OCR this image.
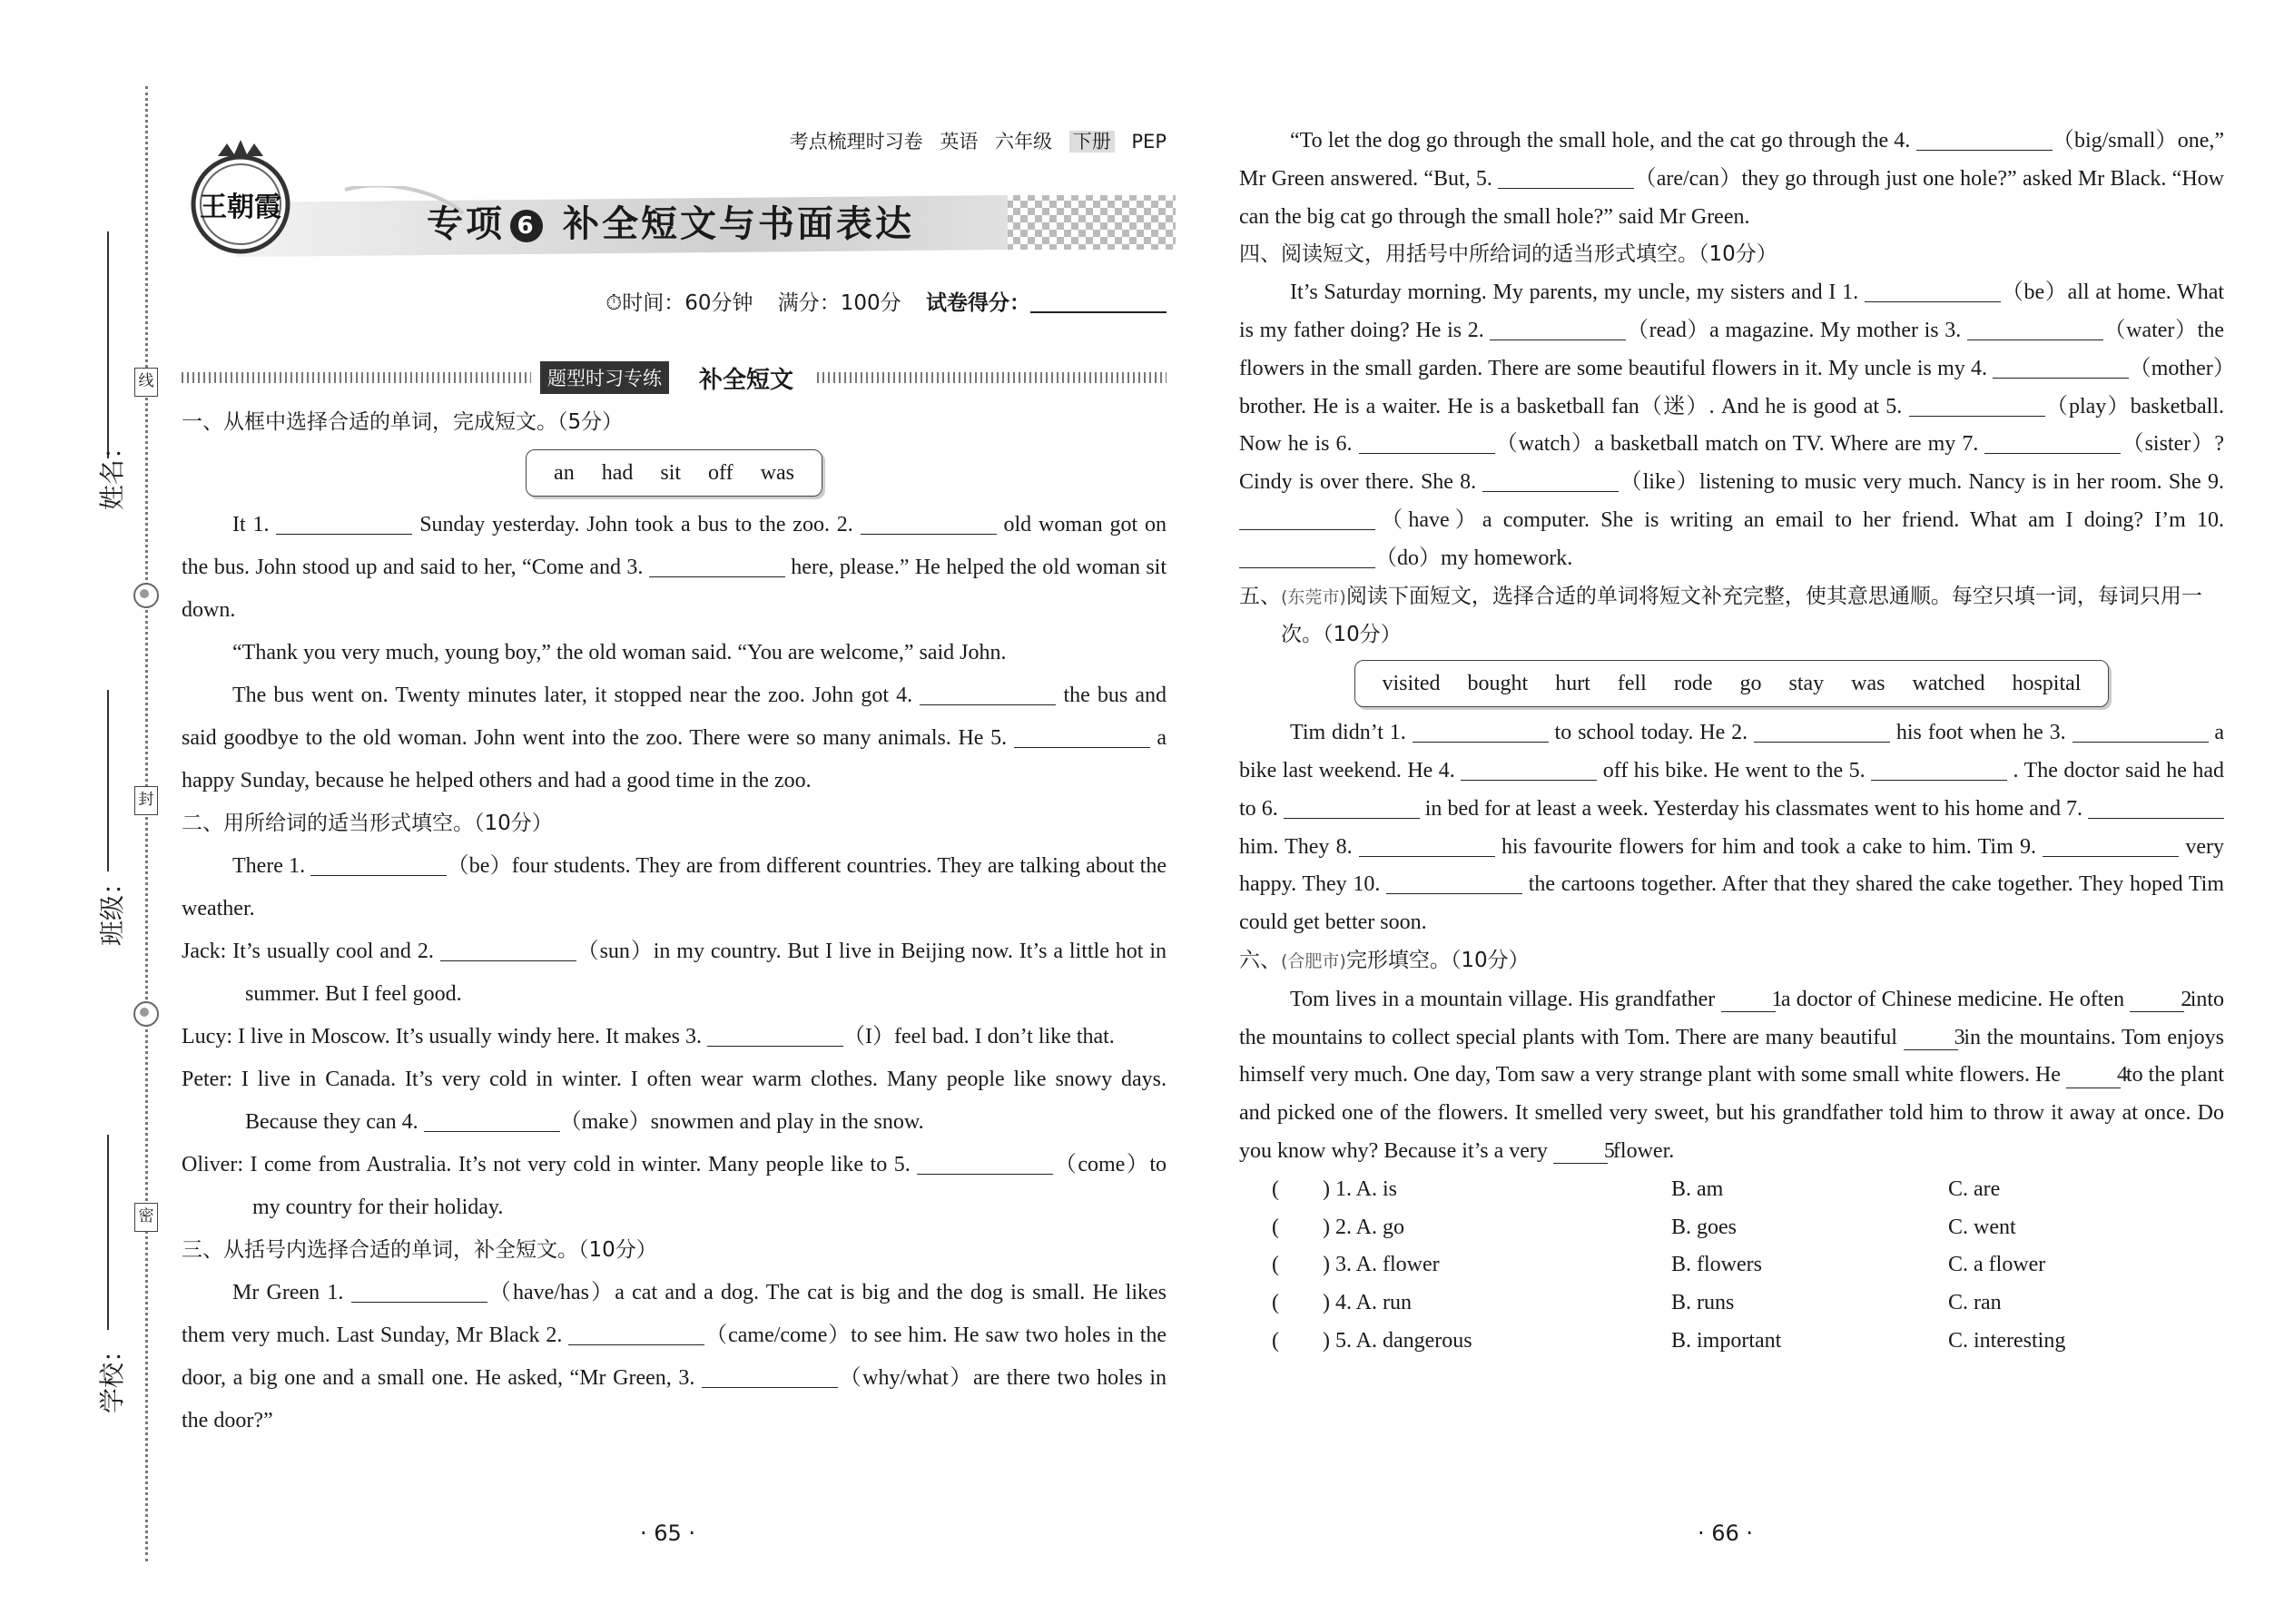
姓名：
班级：
学校：
线
封
密
考点梳理时习卷 英语 六年级 下册 PEP
王朝霞	专项 6 补全短文与书面表达
⏱时间：60分钟 满分：100分 试卷得分：
题型时习专练	补全短文
一、从框中选择合适的单词，完成短文。（5分）
an had sit off was

It 1.	Sunday yesterday. John took a bus to the zoo. 2.	old woman got on the bus. John stood up and said to her, “Come and 3.	here, please.” He helped the old woman sit down.

“Thank you very much, young boy,” the old woman said. “You are welcome,” said John.

The bus went on. Twenty minutes later, it stopped near the zoo. John got 4.	the bus and said goodbye to the old woman. John went into the zoo. There were so many animals. He 5.	a happy Sunday, because he helped others and had a good time in the zoo.

二、用所给词的适当形式填空。（10分）

There 1.	（be）four students. They are from different countries. They are talking about the weather.

Jack: It’s usually cool and 2.	（sun）in my country. But I live in Beijing now. It’s a little hot in summer. But I feel good.

Lucy: I live in Moscow. It’s usually windy here. It makes 3.	（I）feel bad. I don’t like that.

Peter: I live in Canada. It’s very cold in winter. I often wear warm clothes. Many people like snowy days. Because they can 4.	（make）snowmen and play in the snow.

Oliver: I come from Australia. It’s not very cold in winter. Many people like to 5.	（come）to my country for their holiday.

三、从括号内选择合适的单词，补全短文。（10分）

Mr Green 1.	（have/has）a cat and a dog. The cat is big and the dog is small. He likes them very much. Last Sunday, Mr Black 2.	（came/come）to see him. He saw two holes in the door, a big one and a small one. He asked, “Mr Green, 3.	（why/what）are there two holes in the door?”

· 65 ·

“To let the dog go through the small hole, and the cat go through the 4.	（big/small）one,” Mr Green answered. “But, 5.	（are/can）they go through just one hole?” asked Mr Black. “How can the big cat go through the small hole?” said Mr Green.

四、阅读短文，用括号中所给词的适当形式填空。（10分）

It’s Saturday morning. My parents, my uncle, my sisters and I 1.	（be）all at home. What is my father doing? He is 2.	（read）a magazine. My mother is 3.	（water）the flowers in the small garden. There are some beautiful flowers in it. My uncle is my 4.	（mother）brother. He is a waiter. He is a basketball fan（迷）. And he is good at 5.	（play）basketball. Now he is 6.	（watch）a basketball match on TV. Where are my 7.	（sister）? Cindy is over there. She 8.	（like）listening to music very much. Nancy is in her room. She 9. （have）a computer. She is writing an email to her friend. What am I doing? I’m 10. （do）my homework.

五、(东莞市)阅读下面短文，选择合适的单词将短文补充完整，使其意思通顺。每空只填一词，每词只用一次。（10分）
visited bought hurt fell rode go stay was watched hospital

Tim didn’t 1.	to school today. He 2.	his foot when he 3.	a bike last weekend. He 4.	off his bike. He went to the 5.	. The doctor said he had to 6.	in bed for at least a week. Yesterday his classmates went to his home and 7.  him. They 8.	his favourite flowers for him and took a cake to him. Tim 9.	very happy. They 10.	the cartoons together. After that they shared the cake together. They hoped Tim could get better soon.

六、(合肥市)完形填空。（10分）

Tom lives in a mountain village. His grandfather	1 a doctor of Chinese medicine. He often	2 into the mountains to collect special plants with Tom. There are many beautiful	3 in the mountains. Tom enjoys himself very much. One day, Tom saw a very strange plant with some small white flowers. He	4 to the plant and picked one of the flowers. It smelled very sweet, but his grandfather told him to throw it away at once. Do you know why? Because it’s a very	5 flower.

(　　) 1. A. is	B. am	C. are
(　　) 2. A. go	B. goes	C. went
(　　) 3. A. flower	B. flowers	C. a flower
(　　) 4. A. run	B. runs	C. ran
(　　) 5. A. dangerous	B. important	C. interesting
· 66 ·
